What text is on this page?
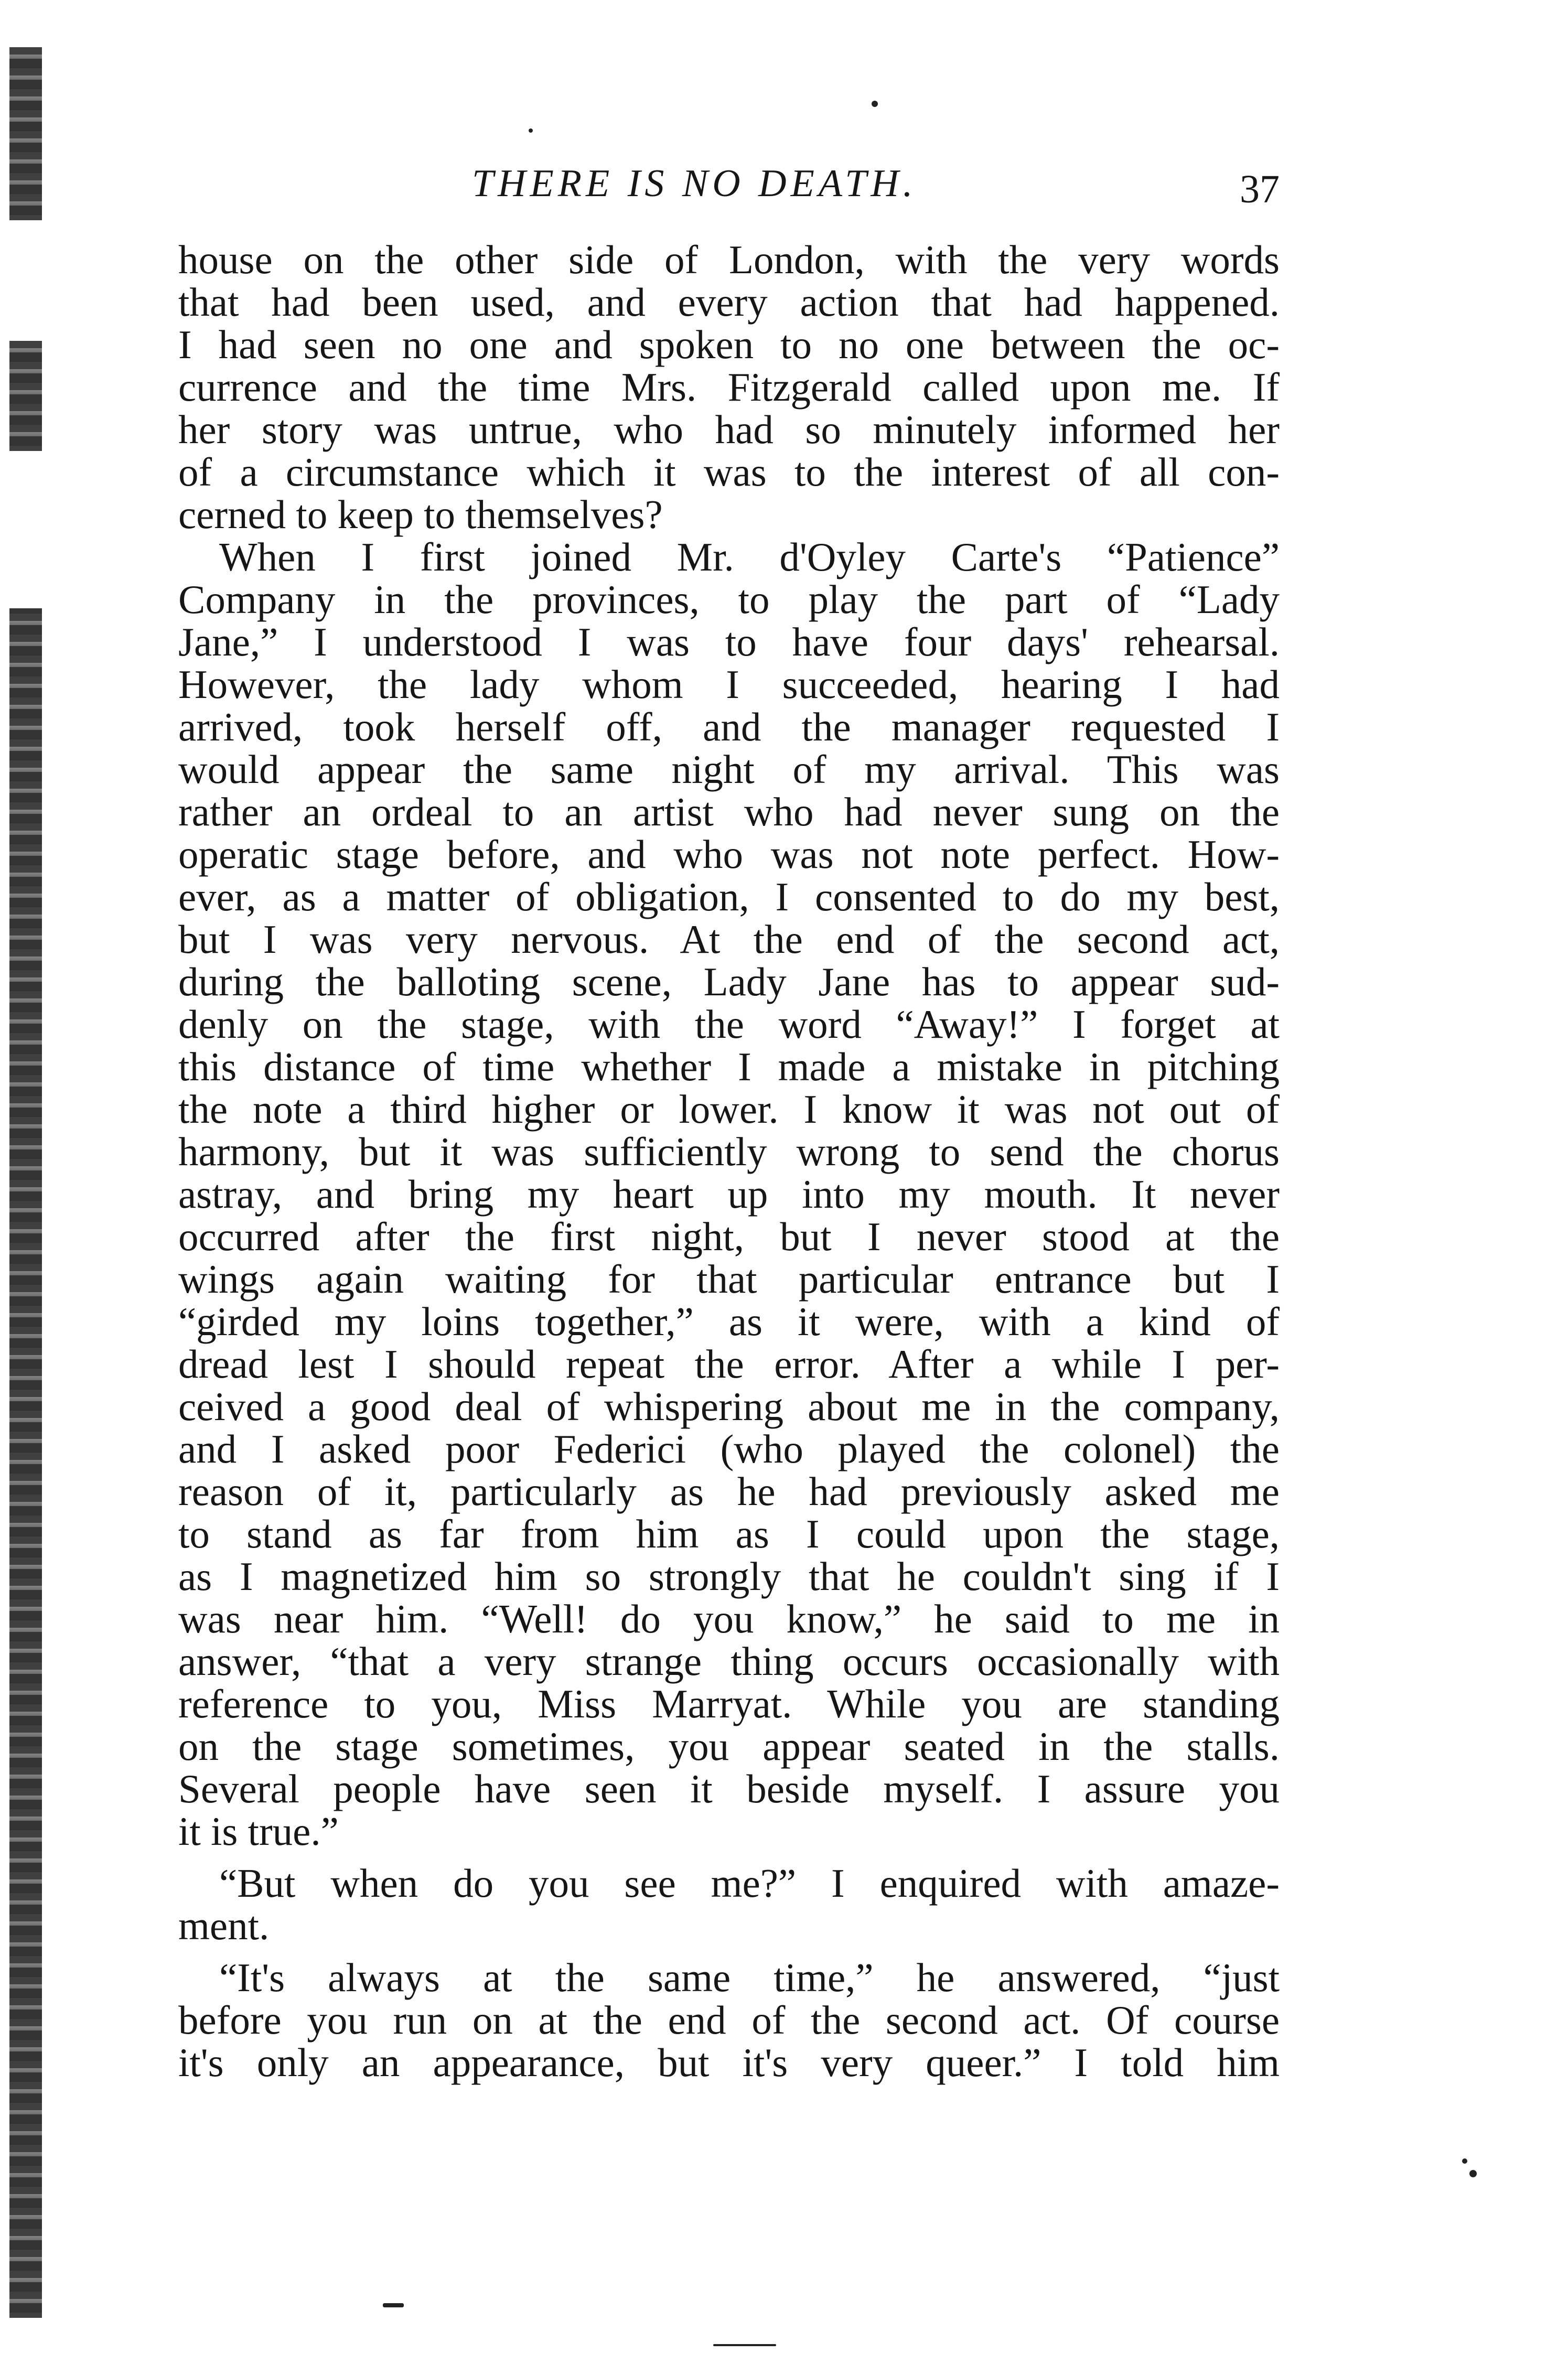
THERE IS NO DEATH.	37
house on the other side of London, with the very words
that had been used, and every action that had happened.
I had seen no one and spoken to no one between the oc-
currence and the time Mrs. Fitzgerald called upon me. If
her story was untrue, who had so minutely informed her
of a circumstance which it was to the interest of all con-
cerned to keep to themselves?
When I first joined Mr. d'Oyley Carte's “Patience”
Company in the provinces, to play the part of “Lady
Jane,” I understood I was to have four days' rehearsal.
However, the lady whom I succeeded, hearing I had
arrived, took herself off, and the manager requested I
would appear the same night of my arrival. This was
rather an ordeal to an artist who had never sung on the
operatic stage before, and who was not note perfect. How-
ever, as a matter of obligation, I consented to do my best,
but I was very nervous. At the end of the second act,
during the balloting scene, Lady Jane has to appear sud-
denly on the stage, with the word “Away!” I forget at
this distance of time whether I made a mistake in pitching
the note a third higher or lower. I know it was not out of
harmony, but it was sufficiently wrong to send the chorus
astray, and bring my heart up into my mouth. It never
occurred after the first night, but I never stood at the
wings again waiting for that particular entrance but I
“girded my loins together,” as it were, with a kind of
dread lest I should repeat the error. After a while I per-
ceived a good deal of whispering about me in the company,
and I asked poor Federici (who played the colonel) the
reason of it, particularly as he had previously asked me
to stand as far from him as I could upon the stage,
as I magnetized him so strongly that he couldn't sing if I
was near him. “Well! do you know,” he said to me in
answer, “that a very strange thing occurs occasionally with
reference to you, Miss Marryat. While you are standing
on the stage sometimes, you appear seated in the stalls.
Several people have seen it beside myself. I assure you
it is true.”
“But when do you see me?” I enquired with amaze-
ment.
“It's always at the same time,” he answered, “just
before you run on at the end of the second act. Of course
it's only an appearance, but it's very queer.” I told him
